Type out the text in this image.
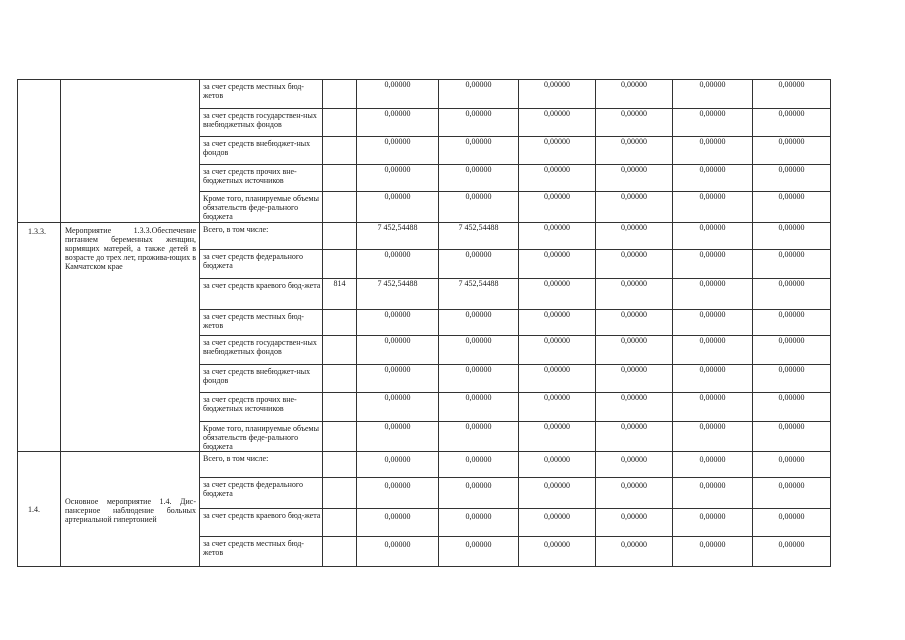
		за счет средств местных бюд-жетов		0,00000	0,00000	0,00000	0,00000	0,00000	0,00000
		за счет средств государствен-ных внебюджетных фондов		0,00000	0,00000	0,00000	0,00000	0,00000	0,00000
		за счет средств внебюджет-ных фондов		0,00000	0,00000	0,00000	0,00000	0,00000	0,00000
		за счет средств прочих вне-бюджетных источников		0,00000	0,00000	0,00000	0,00000	0,00000	0,00000
		Кроме того, планируемые объемы обязательств феде-рального бюджета		0,00000	0,00000	0,00000	0,00000	0,00000	0,00000
1.3.3.	Мероприятие 1.3.3.Обеспечение питанием беременных женщин, кормящих матерей, а также детей в возрасте до трех лет, прожива-ющих в Камчатском крае	Всего, в том числе:		7 452,54488	7 452,54488	0,00000	0,00000	0,00000	0,00000
		за счет средств федерального бюджета		0,00000	0,00000	0,00000	0,00000	0,00000	0,00000
		за счет средств краевого бюд-жета	814	7 452,54488	7 452,54488	0,00000	0,00000	0,00000	0,00000
		за счет средств местных бюд-жетов		0,00000	0,00000	0,00000	0,00000	0,00000	0,00000
		за счет средств государствен-ных внебюджетных фондов		0,00000	0,00000	0,00000	0,00000	0,00000	0,00000
		за счет средств внебюджет-ных фондов		0,00000	0,00000	0,00000	0,00000	0,00000	0,00000
		за счет средств прочих вне-бюджетных источников		0,00000	0,00000	0,00000	0,00000	0,00000	0,00000
		Кроме того, планируемые объемы обязательств феде-рального бюджета		0,00000	0,00000	0,00000	0,00000	0,00000	0,00000
1.4.	Основное мероприятие 1.4. Дис-пансерное наблюдение больных артериальной гипертонией	Всего, в том числе:		0,00000	0,00000	0,00000	0,00000	0,00000	0,00000
		за счет средств федерального бюджета		0,00000	0,00000	0,00000	0,00000	0,00000	0,00000
		за счет средств краевого бюд-жета		0,00000	0,00000	0,00000	0,00000	0,00000	0,00000
		за счет средств местных бюд-жетов		0,00000	0,00000	0,00000	0,00000	0,00000	0,00000
